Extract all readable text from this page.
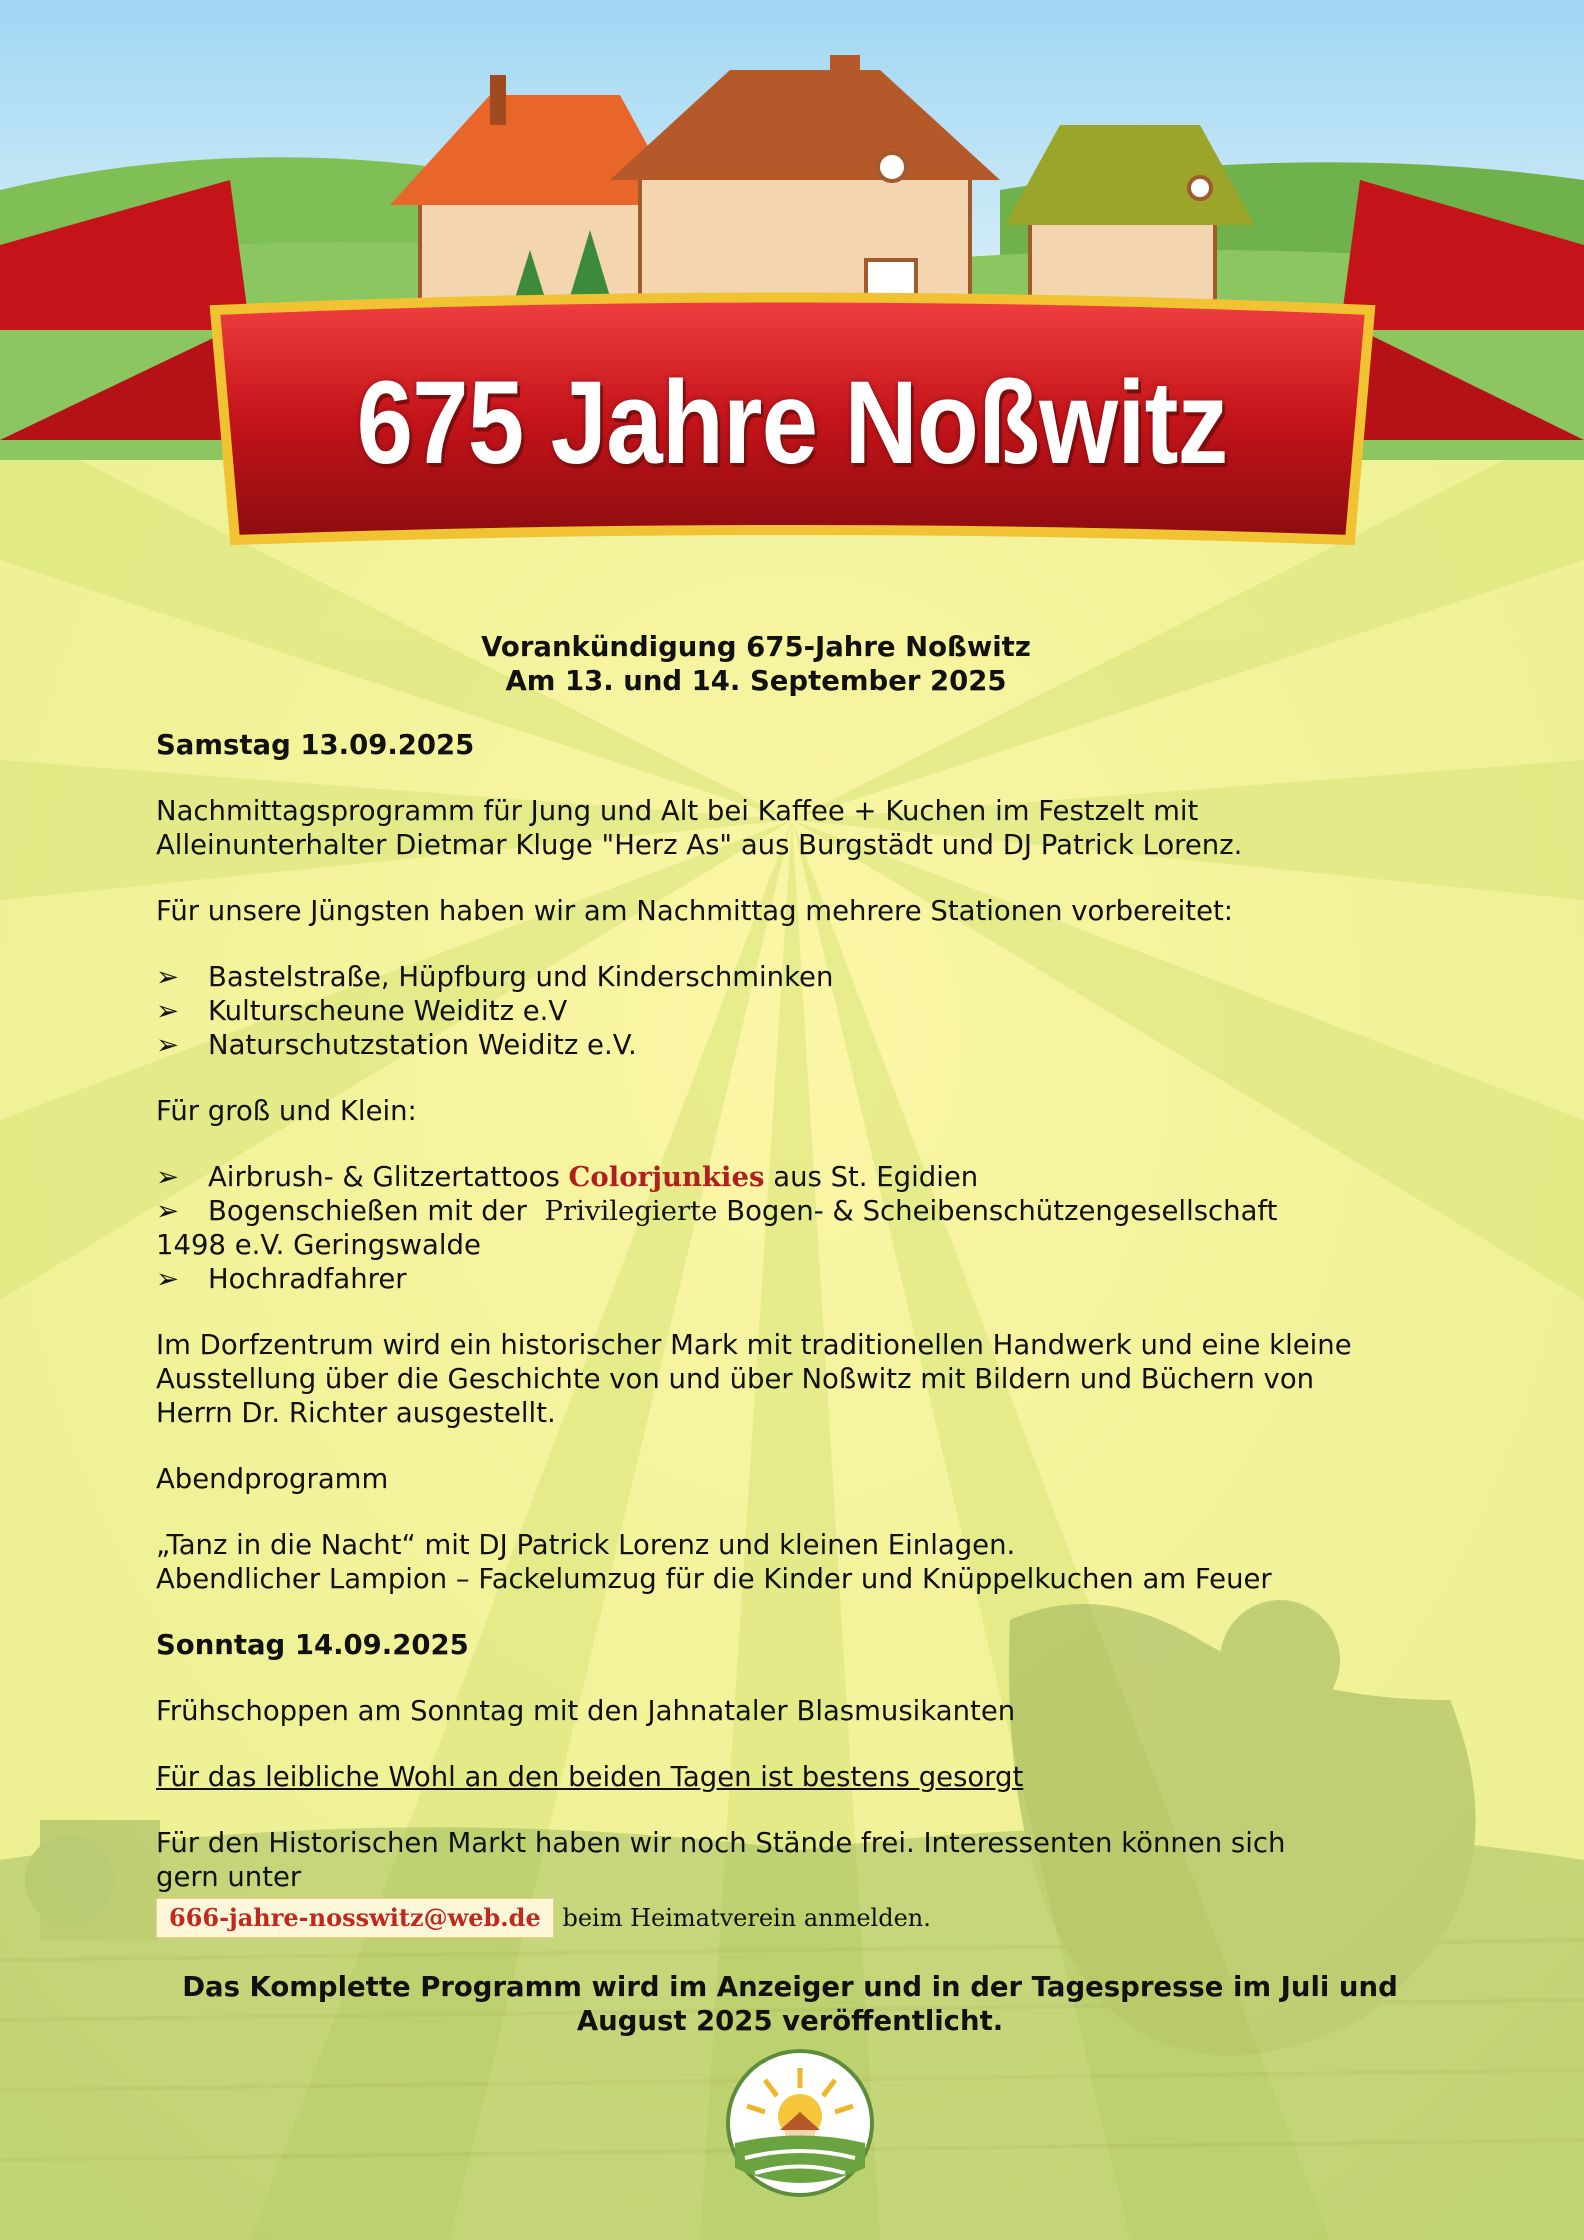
675 Jahre Noßwitz

Vorankündigung 675-Jahre Noßwitz

Am 13. und 14. September 2025

Samstag 13.09.2025

Nachmittagsprogramm für Jung und Alt bei Kaffee + Kuchen im Festzelt mit Alleinunterhalter Dietmar Kluge "Herz As" aus Burgstädt und DJ Patrick Lorenz.

Für unsere Jüngsten haben wir am Nachmittag mehrere Stationen vorbereitet:

➢ Bastelstraße, Hüpfburg und Kinderschminken
➢ Kulturscheune Weiditz e.V
➢ Naturschutzstation Weiditz e.V.

Für groß und Klein:

➢ Airbrush- & Glitzertattoos Colorjunkies aus St. Egidien
➢ Bogenschießen mit der Privilegierte Bogen- & Scheibenschützengesellschaft

1498 e.V. Geringswalde

➢ Hochradfahrer

Im Dorfzentrum wird ein historischer Mark mit traditionellen Handwerk und eine kleine Ausstellung über die Geschichte von und über Noßwitz mit Bildern und Büchern von Herrn Dr. Richter ausgestellt.

Abendprogramm

„Tanz in die Nacht“ mit DJ Patrick Lorenz und kleinen Einlagen.

Abendlicher Lampion – Fackelumzug für die Kinder und Knüppelkuchen am Feuer

Sonntag 14.09.2025

Frühschoppen am Sonntag mit den Jahnataler Blasmusikanten

Für das leibliche Wohl an den beiden Tagen ist bestens gesorgt

Für den Historischen Markt haben wir noch Stände frei. Interessenten können sich gern unter

666-jahre-nosswitz@web.de beim Heimatverein anmelden.

Das Komplette Programm wird im Anzeiger und in der Tagespresse im Juli und August 2025 veröffentlicht.
